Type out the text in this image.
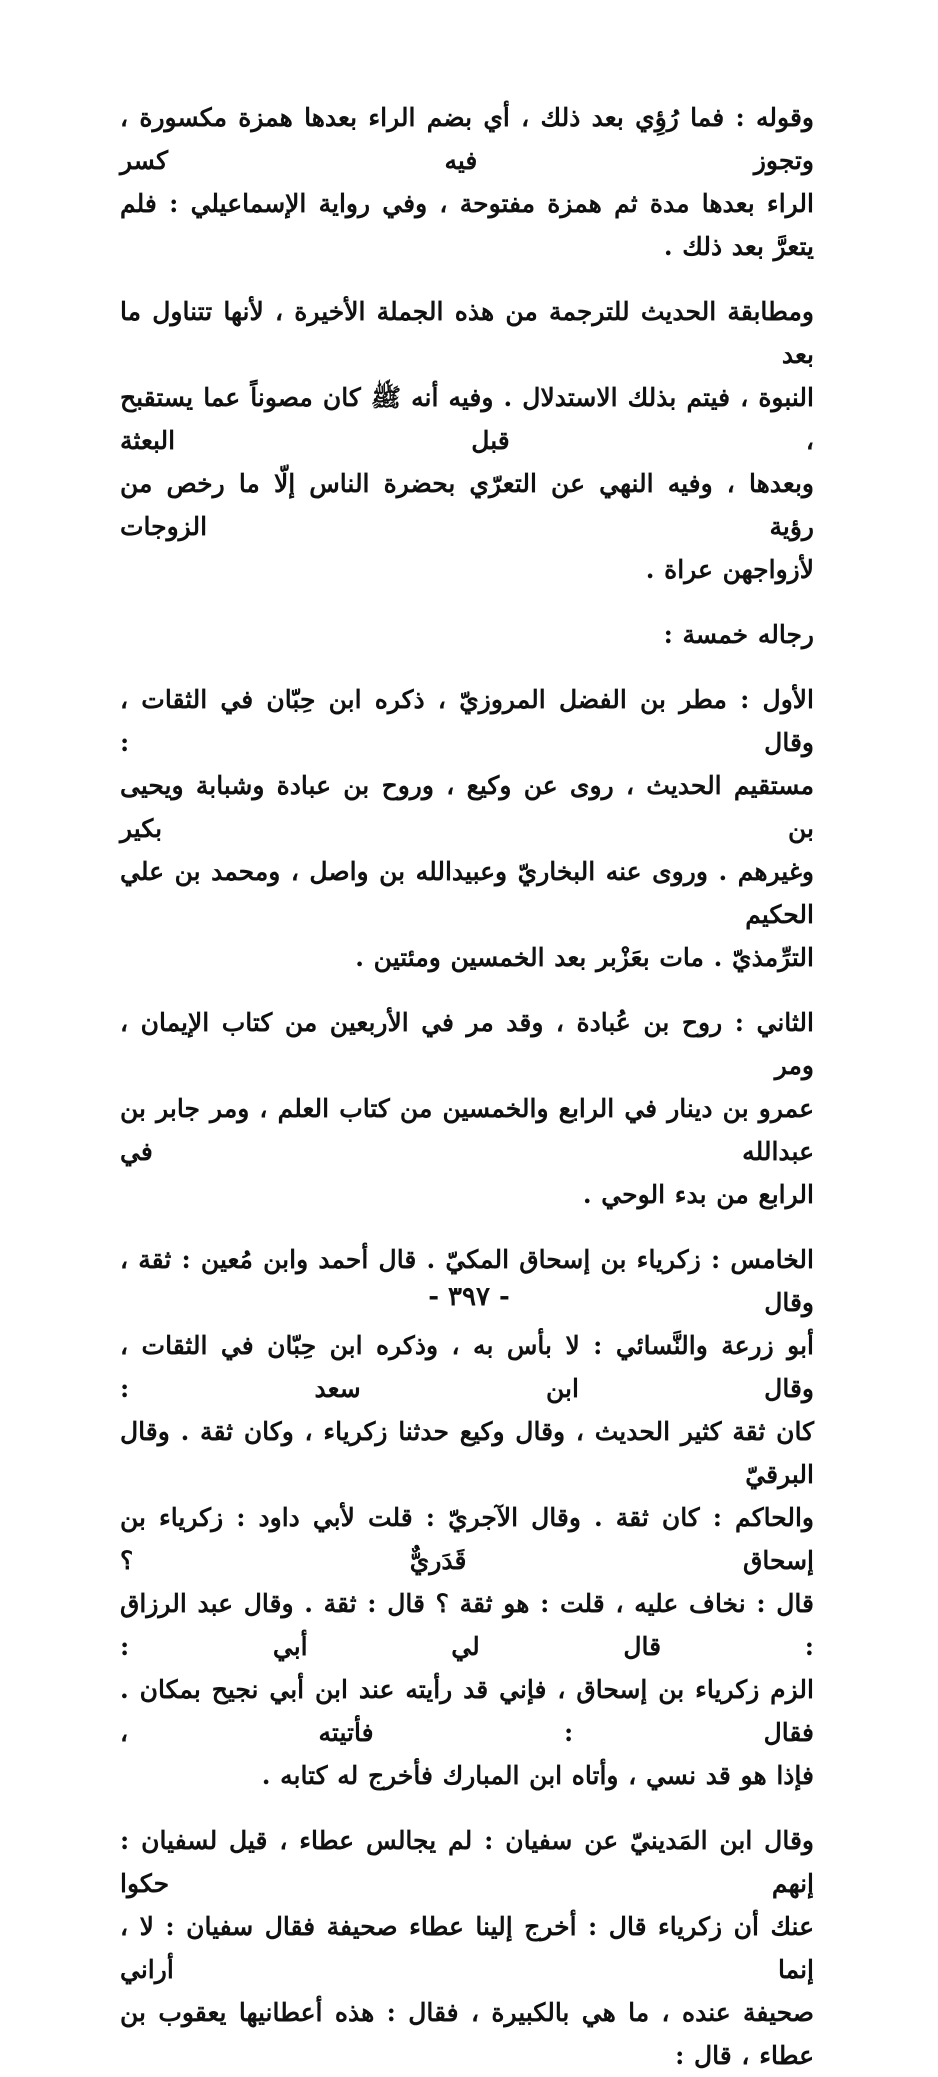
وقوله : فما رُؤِي بعد ذلك ، أي بضم الراء بعدها همزة مكسورة ، وتجوز فيه كسر
الراء بعدها مدة ثم همزة مفتوحة ، وفي رواية الإسماعيلي : فلم يتعرَّ بعد ذلك .

ومطابقة الحديث للترجمة من هذه الجملة الأخيرة ، لأنها تتناول ما بعد
النبوة ، فيتم بذلك الاستدلال . وفيه أنه ﷺ كان مصوناً عما يستقبح ، قبل البعثة
وبعدها ، وفيه النهي عن التعرّي بحضرة الناس إلّا ما رخص من رؤية الزوجات
لأزواجهن عراة .

رجاله خمسة :

الأول : مطر بن الفضل المروزيّ ، ذكره ابن حِبّان في الثقات ، وقال :
مستقيم الحديث ، روى عن وكيع ، وروح بن عبادة وشبابة ويحيى بن بكير
وغيرهم . وروى عنه البخاريّ وعبيدالله بن واصل ، ومحمد بن علي الحكيم
الترِّمذيّ . مات بعَزْبر بعد الخمسين ومئتين .

الثاني : روح بن عُبادة ، وقد مر في الأربعين من كتاب الإيمان ، ومر
عمرو بن دينار في الرابع والخمسين من كتاب العلم ، ومر جابر بن عبدالله في
الرابع من بدء الوحي .

الخامس : زكرياء بن إسحاق المكيّ . قال أحمد وابن مُعين : ثقة ، وقال
أبو زرعة والنَّسائي : لا بأس به ، وذكره ابن حِبّان في الثقات ، وقال ابن سعد :
كان ثقة كثير الحديث ، وقال وكيع حدثنا زكرياء ، وكان ثقة . وقال البرقيّ
والحاكم : كان ثقة . وقال الآجريّ : قلت لأبي داود : زكرياء بن إسحاق قَدَريٌّ ؟
قال : نخاف عليه ، قلت : هو ثقة ؟ قال : ثقة . وقال عبد الرزاق : قال لي أبي :
الزم زكرياء بن إسحاق ، فإني قد رأيته عند ابن أبي نجيح بمكان . فقال : فأتيته ،
فإذا هو قد نسي ، وأتاه ابن المبارك فأخرج له كتابه .

وقال ابن المَدينيّ عن سفيان : لم يجالس عطاء ، قيل لسفيان : إنهم حكوا
عنك أن زكرياء قال : أخرج إلينا عطاء صحيفة فقال سفيان : لا ، إنما أراني
صحيفة عنده ، ما هي بالكبيرة ، فقال : هذه أعطانيها يعقوب بن عطاء ، قال :

- ٣٩٧ -
